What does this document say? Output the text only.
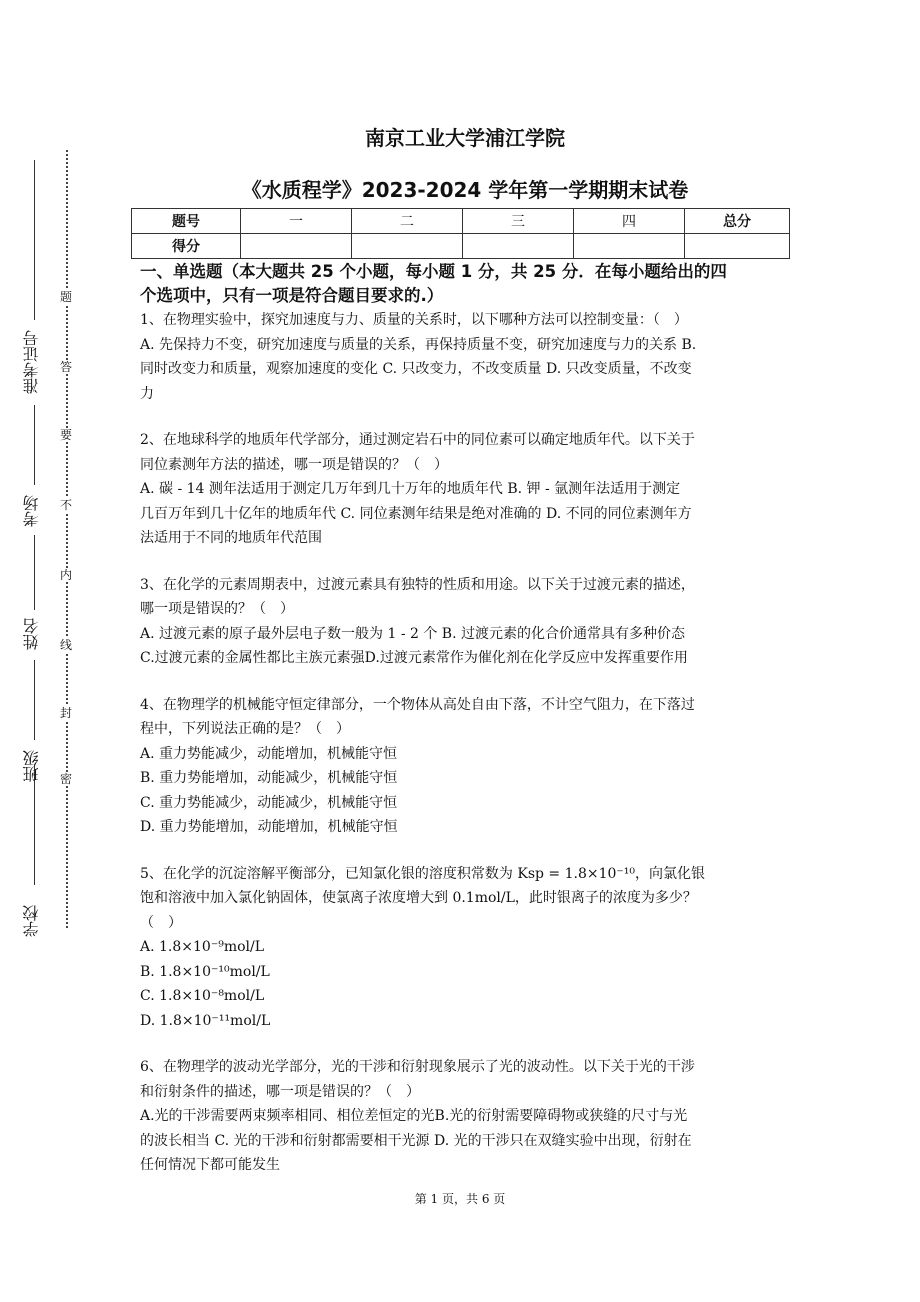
学校
班级
姓名
考场
准考证号
密
封
线
内
不
要
答
题
南京工业大学浦江学院
《水质程学》2023-2024 学年第一学期期末试卷
题号	一	二	三	四	总分
得分					
一、单选题（本大题共 25 个小题，每小题 1 分，共 25 分．在每小题给出的四
个选项中，只有一项是符合题目要求的.）
1、在物理实验中，探究加速度与力、质量的关系时，以下哪种方法可以控制变量：（　）
A. 先保持力不变，研究加速度与质量的关系，再保持质量不变，研究加速度与力的关系 B.
同时改变力和质量，观察加速度的变化 C. 只改变力，不改变质量 D. 只改变质量，不改变
力
2、在地球科学的地质年代学部分，通过测定岩石中的同位素可以确定地质年代。以下关于
同位素测年方法的描述，哪一项是错误的？（　）
A. 碳 - 14 测年法适用于测定几万年到几十万年的地质年代 B. 钾 - 氩测年法适用于测定
几百万年到几十亿年的地质年代 C. 同位素测年结果是绝对准确的 D. 不同的同位素测年方
法适用于不同的地质年代范围
3、在化学的元素周期表中，过渡元素具有独特的性质和用途。以下关于过渡元素的描述，
哪一项是错误的？（　）
A. 过渡元素的原子最外层电子数一般为 1 - 2 个 B. 过渡元素的化合价通常具有多种价态
C.过渡元素的金属性都比主族元素强D.过渡元素常作为催化剂在化学反应中发挥重要作用
4、在物理学的机械能守恒定律部分，一个物体从高处自由下落，不计空气阻力，在下落过
程中，下列说法正确的是？（　）
A. 重力势能减少，动能增加，机械能守恒
B. 重力势能增加，动能减少，机械能守恒
C. 重力势能减少，动能减少，机械能守恒
D. 重力势能增加，动能增加，机械能守恒
5、在化学的沉淀溶解平衡部分，已知氯化银的溶度积常数为 Ksp = 1.8×10⁻¹⁰，向氯化银
饱和溶液中加入氯化钠固体，使氯离子浓度增大到 0.1mol/L，此时银离子的浓度为多少？
（　）
A. 1.8×10⁻⁹mol/L
B. 1.8×10⁻¹⁰mol/L
C. 1.8×10⁻⁸mol/L
D. 1.8×10⁻¹¹mol/L
6、在物理学的波动光学部分，光的干涉和衍射现象展示了光的波动性。以下关于光的干涉
和衍射条件的描述，哪一项是错误的？（　）
A.光的干涉需要两束频率相同、相位差恒定的光B.光的衍射需要障碍物或狭缝的尺寸与光
的波长相当 C. 光的干涉和衍射都需要相干光源 D. 光的干涉只在双缝实验中出现，衍射在
任何情况下都可能发生
第 1 页，共 6 页
